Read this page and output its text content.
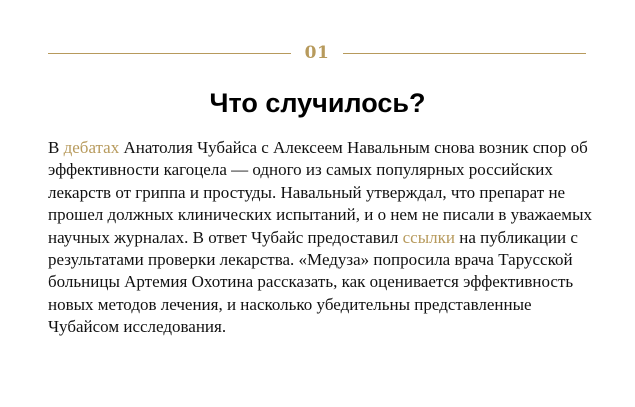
01
Что случилось?

В дебатах Анатолия Чубайса с Алексеем Навальным снова возник спор об эффективности кагоцела — одного из самых популярных российских лекарств от гриппа и простуды. Навальный утверждал, что препарат не прошел должных клинических испытаний, и о нем не писали в уважаемых научных журналах. В ответ Чубайс предоставил ссылки на публикации с результатами проверки лекарства. «Медуза» попросила врача Тарусской больницы Артемия Охотина рассказать, как оценивается эффективность новых методов лечения, и насколько убедительны представленные Чубайсом исследования.
